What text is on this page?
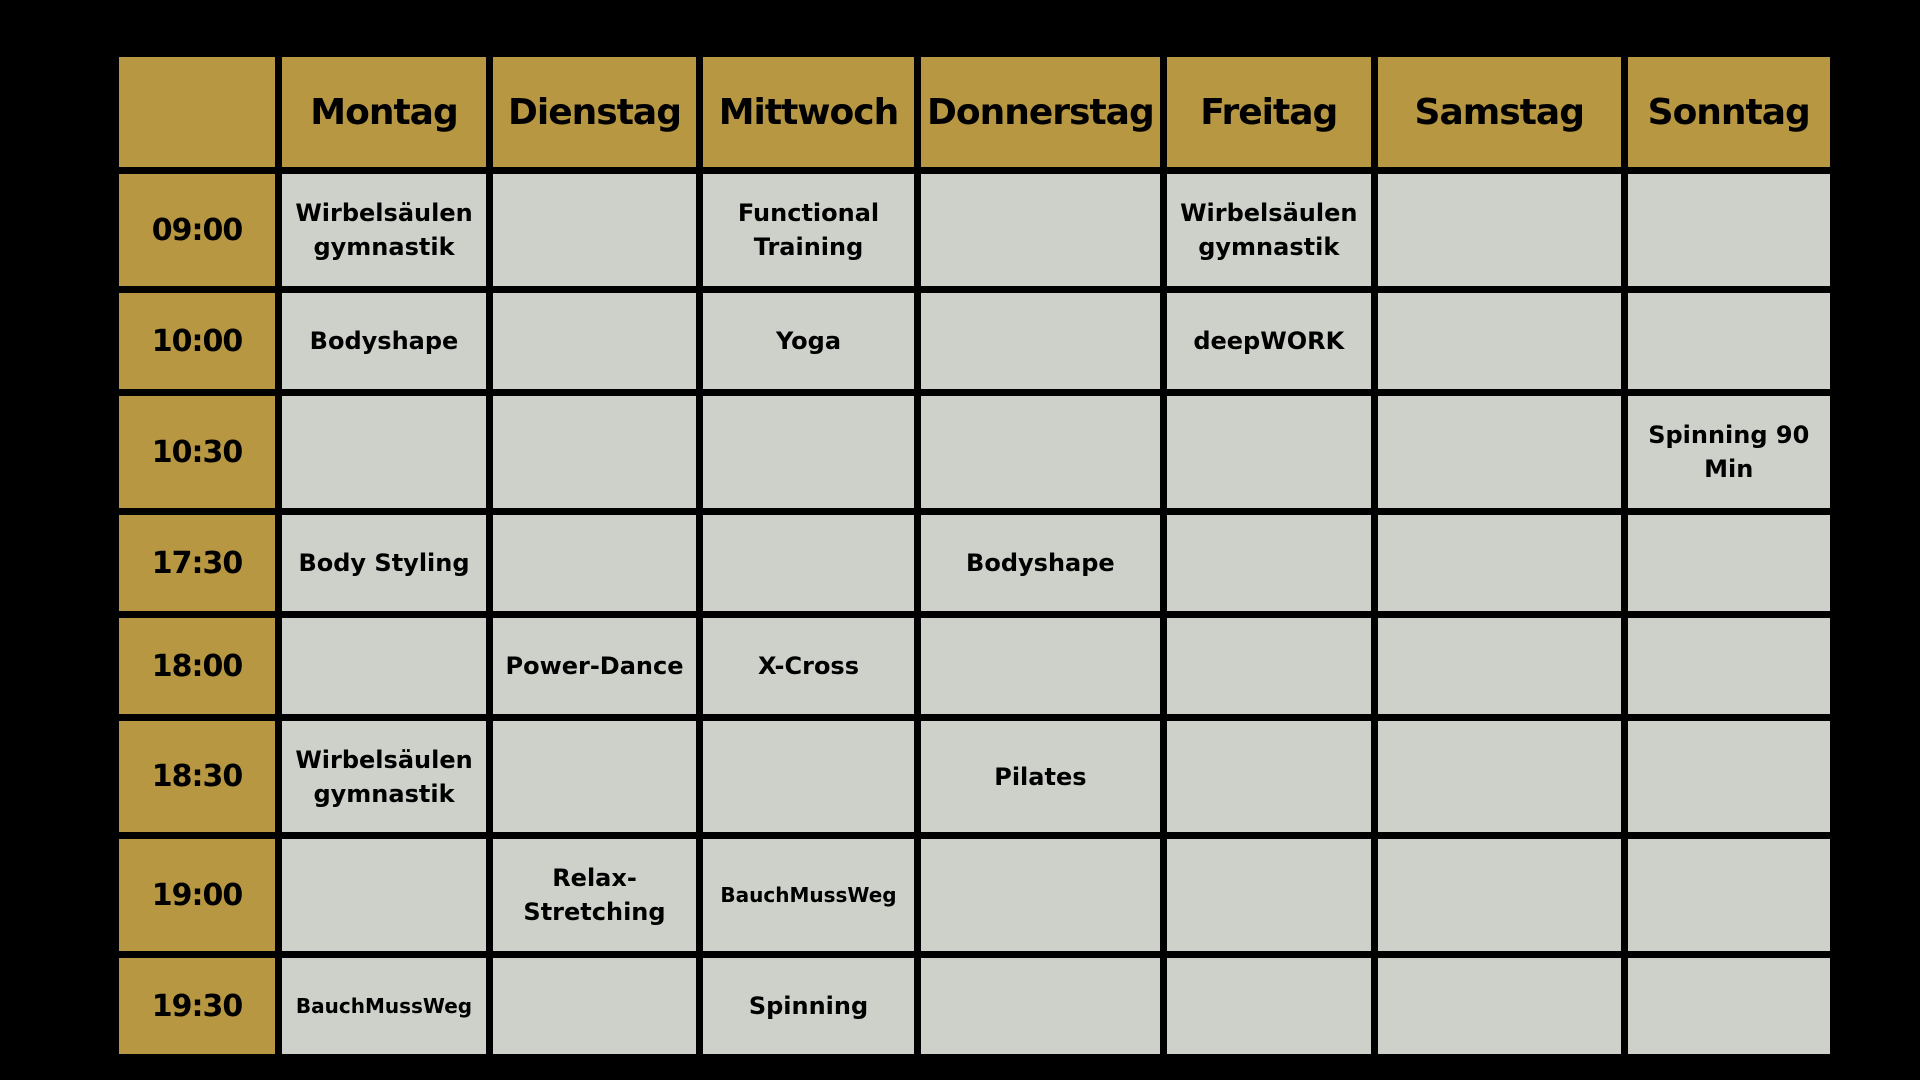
	Montag	Dienstag	Mittwoch	Donnerstag	Freitag	Samstag	Sonntag
09:00	Wirbelsäulen gymnastik		Functional Training		Wirbelsäulen gymnastik		
10:00	Bodyshape		Yoga		deepWORK		
10:30							Spinning 90 Min
17:30	Body Styling			Bodyshape			
18:00		Power-Dance	X-Cross				
18:30	Wirbelsäulen gymnastik			Pilates			
19:00		Relax-Stretching	BauchMussWeg				
19:30	BauchMussWeg		Spinning				
